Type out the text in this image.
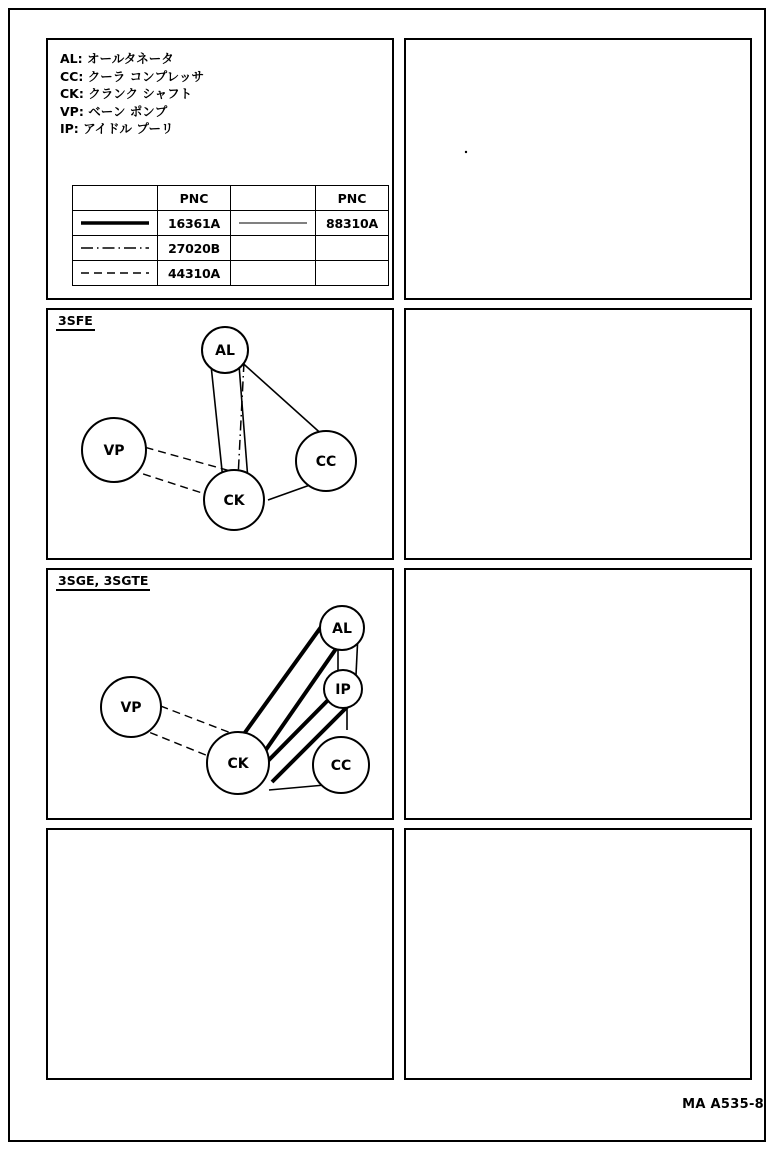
AL: オールタネータ
CC: クーラ コンプレッサ
CK: クランク シャフト
VP: ベーン ポンプ
IP: アイドル プーリ
	PNC		PNC

	16361A		88310A

	27020B		

	44310A		
3SFE
AL
CC
VP
CK
3SGE, 3SGTE
AL
IP
CC
VP
CK
MA A535-8
